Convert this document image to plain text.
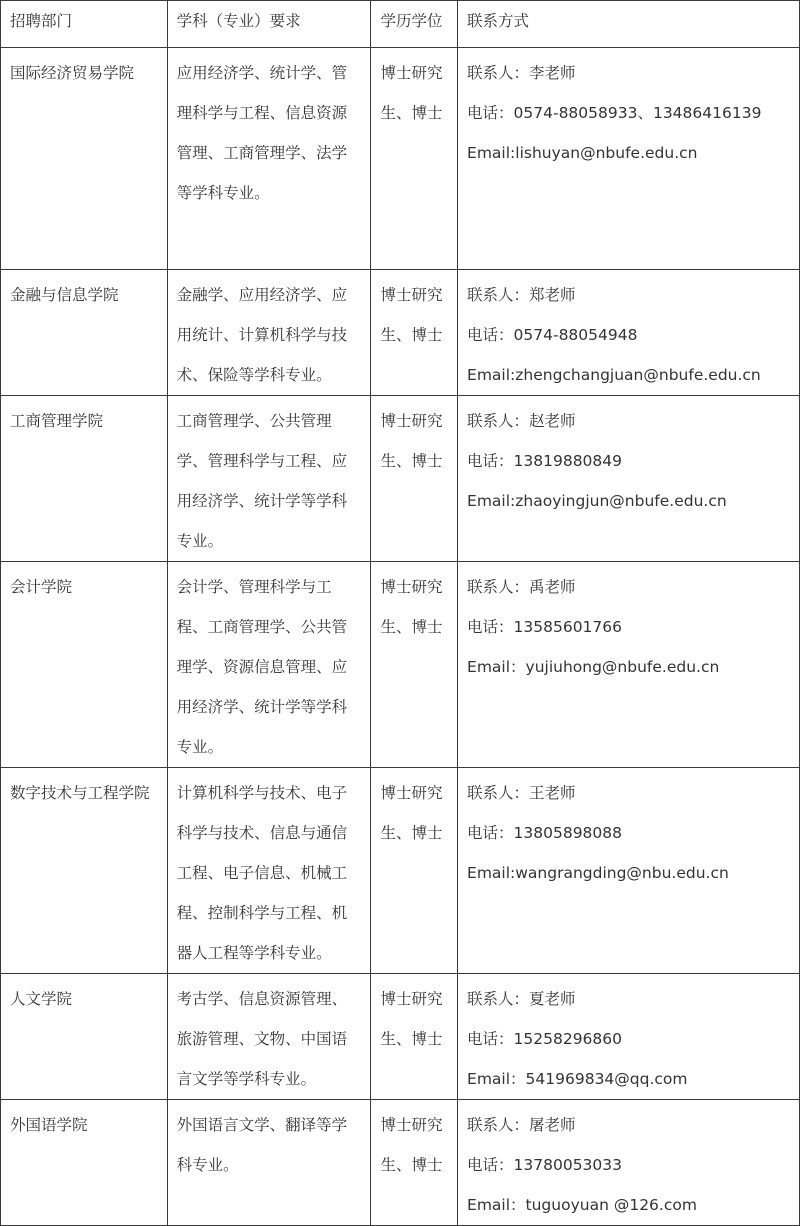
招聘部门	学科（专业）要求	学历学位	联系方式
国际经济贸易学院	应用经济学、统计学、管理科学与工程、信息资源管理、工商管理学、法学等学科专业。	博士研究生、博士	联系人：李老师
电话：0574-88058933、13486416139
Email:lishuyan@nbufe.edu.cn

金融与信息学院	金融学、应用经济学、应用统计、计算机科学与技术、保险等学科专业。	博士研究生、博士	联系人：郑老师
电话：0574-88054948
Email:zhengchangjuan@nbufe.edu.cn

工商管理学院	工商管理学、公共管理学、管理科学与工程、应用经济学、统计学等学科专业。	博士研究生、博士	联系人：赵老师
电话：13819880849
Email:zhaoyingjun@nbufe.edu.cn

会计学院	会计学、管理科学与工程、工商管理学、公共管理学、资源信息管理、应用经济学、统计学等学科专业。	博士研究生、博士	联系人：禹老师
电话：13585601766
Email：yujiuhong@nbufe.edu.cn

数字技术与工程学院	计算机科学与技术、电子科学与技术、信息与通信工程、电子信息、机械工程、控制科学与工程、机器人工程等学科专业。	博士研究生、博士	联系人：王老师
电话：13805898088
Email:wangrangding@nbu.edu.cn

人文学院	考古学、信息资源管理、旅游管理、文物、中国语言文学等学科专业。	博士研究生、博士	联系人：夏老师
电话：15258296860
Email：541969834@qq.com

外国语学院	外国语言文学、翻译等学科专业。	博士研究生、博士	联系人：屠老师
电话：13780053033
Email：tuguoyuan @126.com
